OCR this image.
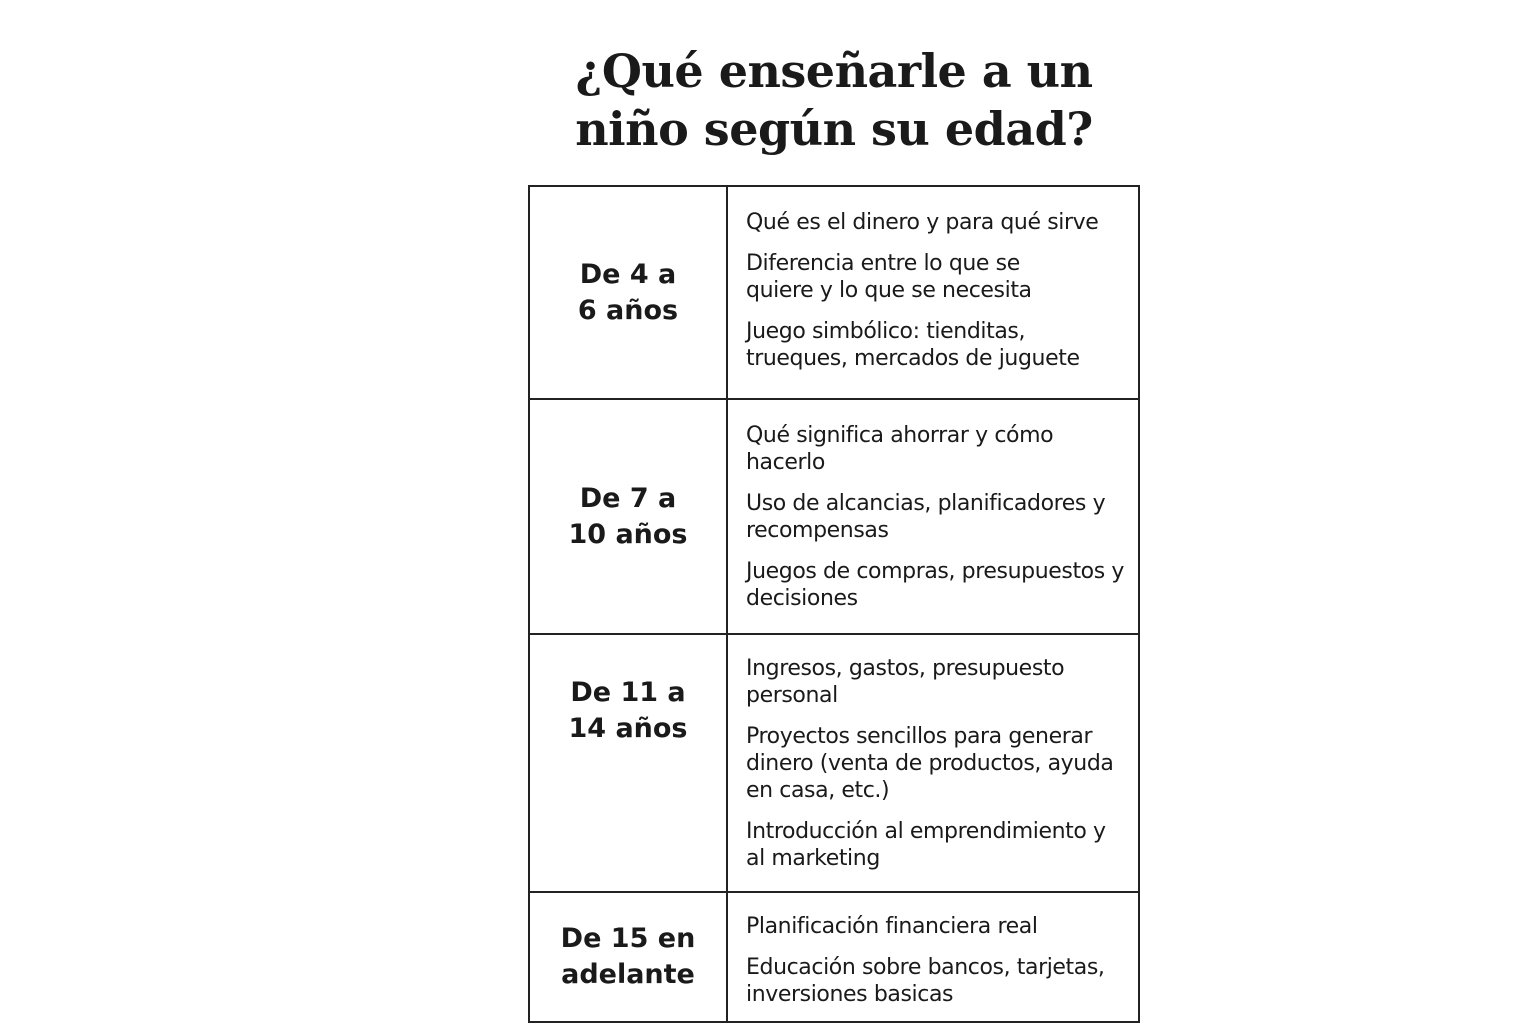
¿Qué enseñarle a un
niño según su edad?
De 4 a
6 años
Qué es el dinero y para qué sirve
Diferencia entre lo que se quiere y lo que se necesita
Juego simbólico: tienditas, trueques, mercados de juguete
De 7 a
10 años
Qué significa ahorrar y cómo hacerlo
Uso de alcancias, planificadores y recompensas
Juegos de compras, presupuestos y decisiones
De 11 a
14 años
Ingresos, gastos, presupuesto personal
Proyectos sencillos para generar dinero (venta de productos, ayuda en casa, etc.)
Introducción al emprendimiento y al marketing
De 15 en
adelante
Planificación financiera real
Educación sobre bancos, tarjetas, inversiones basicas
